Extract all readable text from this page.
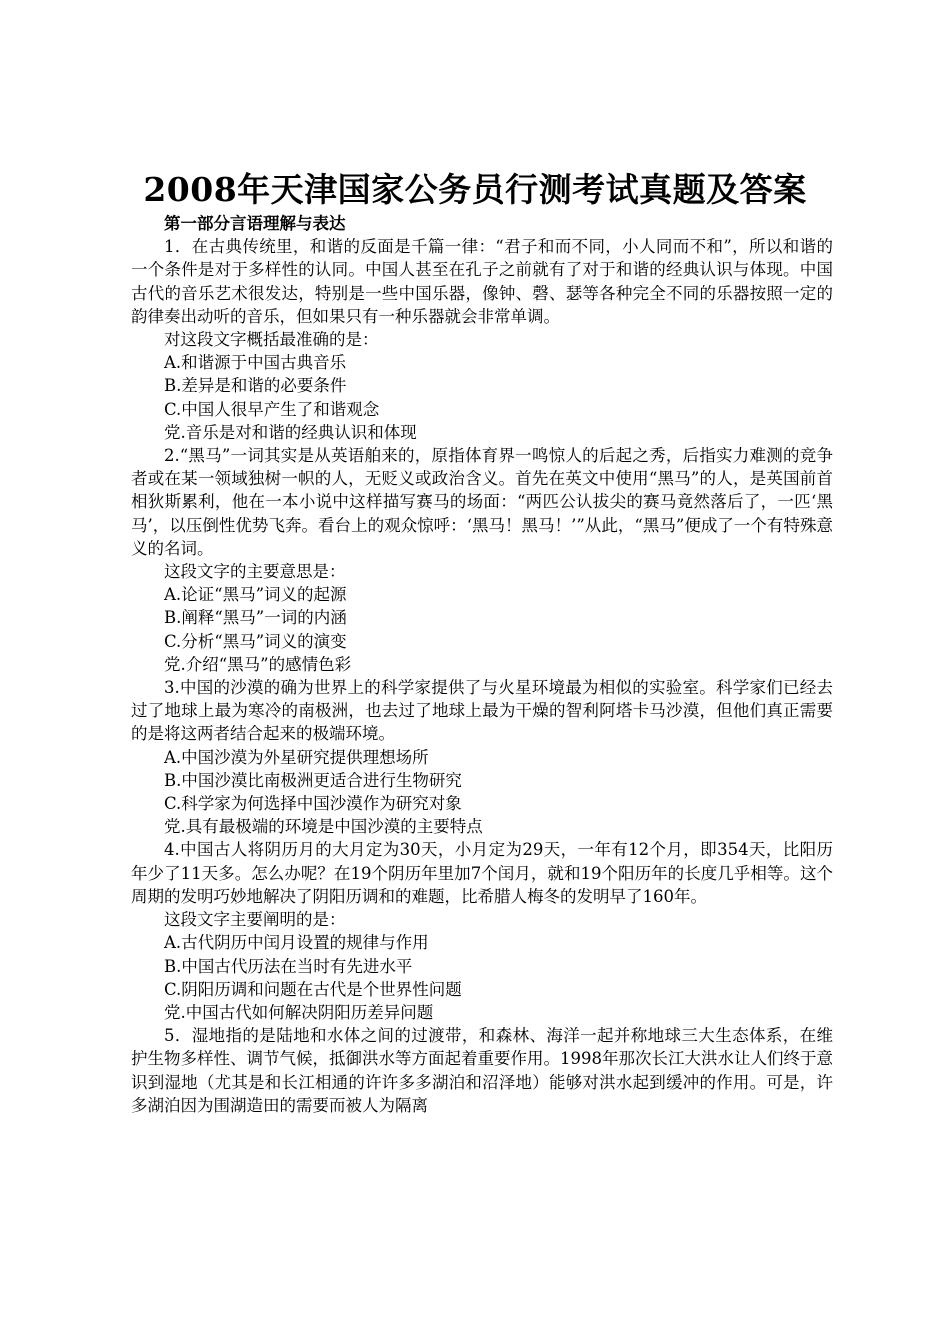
2008年天津国家公务员行测考试真题及答案

第一部分言语理解与表达

1．在古典传统里，和谐的反面是千篇一律：“君子和而不同，小人同而不和”，所以和谐的一个条件是对于多样性的认同。中国人甚至在孔子之前就有了对于和谐的经典认识与体现。中国古代的音乐艺术很发达，特别是一些中国乐器，像钟、磬、瑟等各种完全不同的乐器按照一定的韵律奏出动听的音乐，但如果只有一种乐器就会非常单调。

对这段文字概括最准确的是：

A.和谐源于中国古典音乐

B.差异是和谐的必要条件

C.中国人很早产生了和谐观念

党.音乐是对和谐的经典认识和体现

2.“黑马”一词其实是从英语舶来的，原指体育界一鸣惊人的后起之秀，后指实力难测的竞争者或在某一领域独树一帜的人，无贬义或政治含义。首先在英文中使用“黑马”的人，是英国前首相狄斯累利，他在一本小说中这样描写赛马的场面：“两匹公认拔尖的赛马竟然落后了，一匹‘黑马’，以压倒性优势飞奔。看台上的观众惊呼：‘黑马！黑马！’”从此，“黑马”便成了一个有特殊意义的名词。

这段文字的主要意思是：

A.论证“黑马”词义的起源

B.阐释“黑马”一词的内涵

C.分析“黑马”词义的演变

党.介绍“黑马”的感情色彩

3.中国的沙漠的确为世界上的科学家提供了与火星环境最为相似的实验室。科学家们已经去过了地球上最为寒冷的南极洲，也去过了地球上最为干燥的智利阿塔卡马沙漠，但他们真正需要的是将这两者结合起来的极端环境。

A.中国沙漠为外星研究提供理想场所

B.中国沙漠比南极洲更适合进行生物研究

C.科学家为何选择中国沙漠作为研究对象

党.具有最极端的环境是中国沙漠的主要特点

4.中国古人将阴历月的大月定为30天，小月定为29天，一年有12个月，即354天，比阳历年少了11天多。怎么办呢？在19个阴历年里加7个闰月，就和19个阳历年的长度几乎相等。这个周期的发明巧妙地解决了阴阳历调和的难题，比希腊人梅冬的发明早了160年。

这段文字主要阐明的是：

A.古代阴历中闰月设置的规律与作用

B.中国古代历法在当时有先进水平

C.阴阳历调和问题在古代是个世界性问题

党.中国古代如何解决阴阳历差异问题

5．湿地指的是陆地和水体之间的过渡带，和森林、海洋一起并称地球三大生态体系，在维护生物多样性、调节气候，抵御洪水等方面起着重要作用。1998年那次长江大洪水让人们终于意识到湿地（尤其是和长江相通的许许多多湖泊和沼泽地）能够对洪水起到缓冲的作用。可是，许多湖泊因为围湖造田的需要而被人为隔离
